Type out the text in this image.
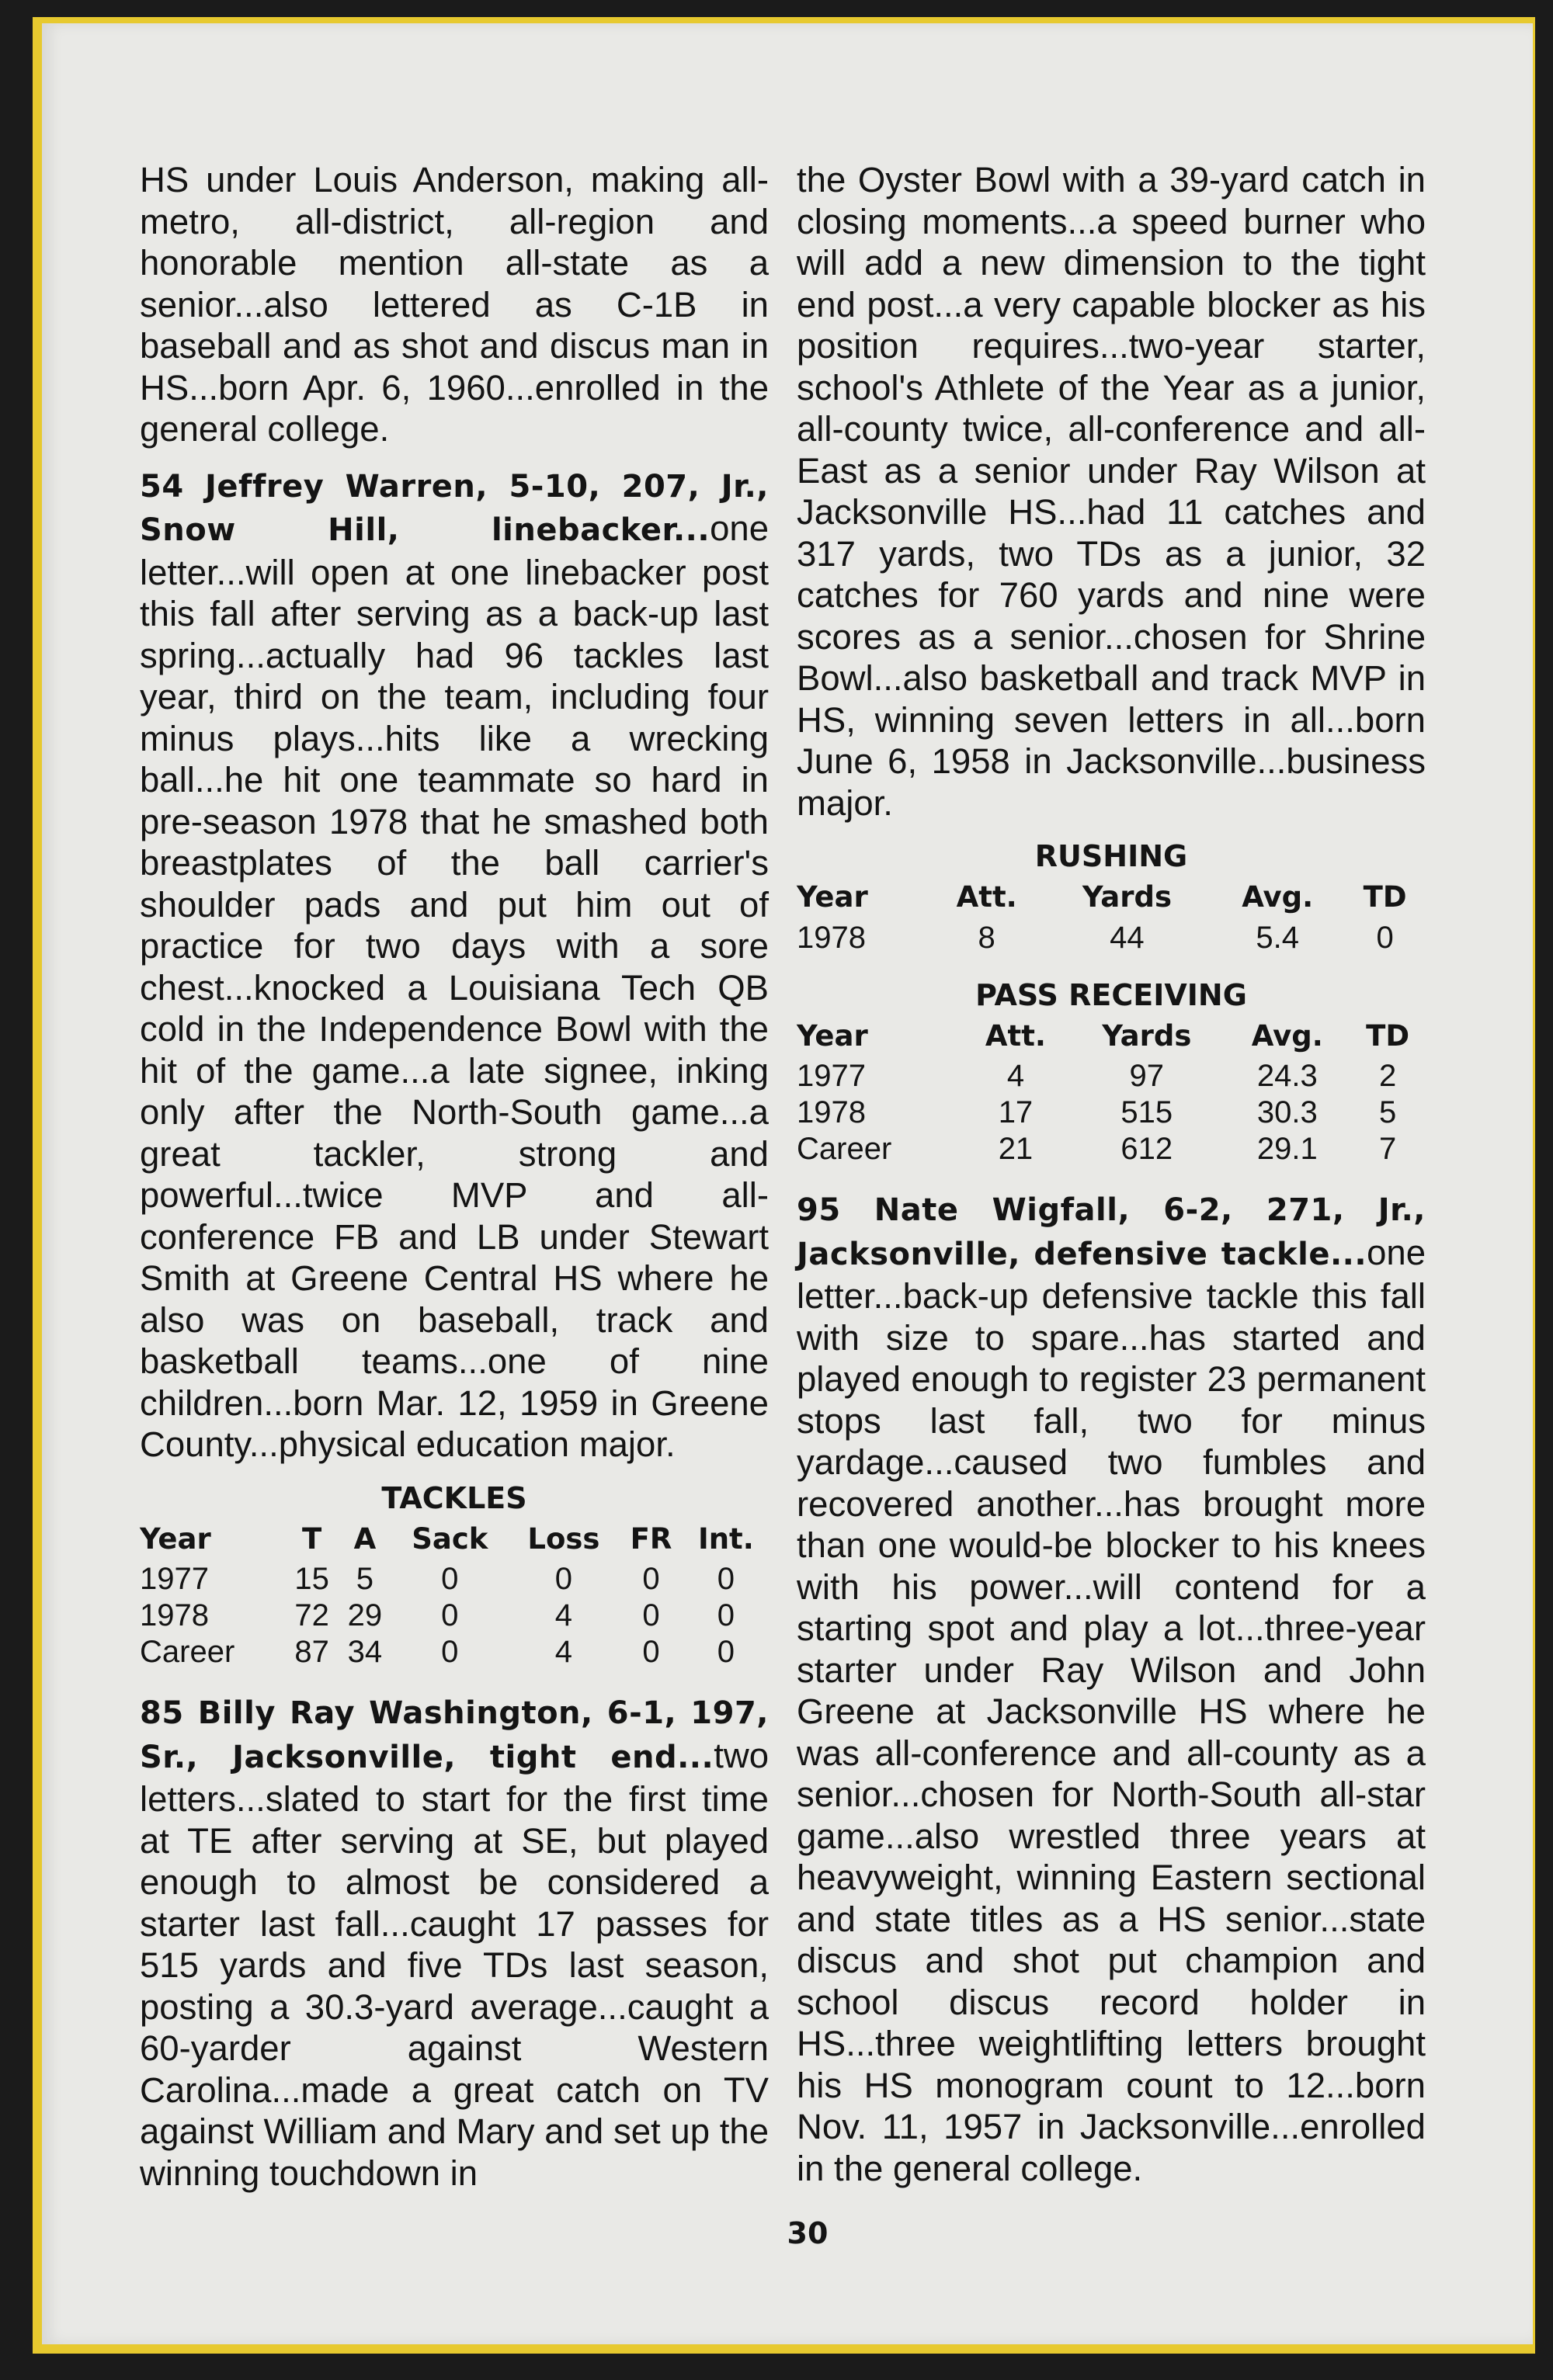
HS under Louis Anderson, making all-metro, all-district, all-region and honorable mention all-state as a senior...also lettered as C-1B in baseball and as shot and discus man in HS...born Apr. 6, 1960...enrolled in the general college.

54 Jeffrey Warren, 5-10, 207, Jr., Snow Hill, linebacker...one letter...will open at one linebacker post this fall after serving as a back-up last spring...actually had 96 tackles last year, third on the team, including four minus plays...hits like a wrecking ball...he hit one teammate so hard in pre-season 1978 that he smashed both breastplates of the ball carrier's shoulder pads and put him out of practice for two days with a sore chest...knocked a Louisiana Tech QB cold in the Independence Bowl with the hit of the game...a late signee, inking only after the North-South game...a great tackler, strong and powerful...twice MVP and all-conference FB and LB under Stewart Smith at Greene Central HS where he also was on baseball, track and basketball teams...one of nine children...born Mar. 12, 1959 in Greene County...physical education major.

TACKLES
Year	T	A	Sack	Loss	FR	Int.
1977	15	5	0	0	0	0
1978	72	29	0	4	0	0
Career	87	34	0	4	0	0

85 Billy Ray Washington, 6-1, 197, Sr., Jacksonville, tight end...two letters...slated to start for the first time at TE after serving at SE, but played enough to almost be considered a starter last fall...caught 17 passes for 515 yards and five TDs last season, posting a 30.3-yard average...caught a 60-yarder against Western Carolina...made a great catch on TV against William and Mary and set up the winning touchdown in

the Oyster Bowl with a 39-yard catch in closing moments...a speed burner who will add a new dimension to the tight end post...a very capable blocker as his position requires...two-year starter, school's Athlete of the Year as a junior, all-county twice, all-conference and all-East as a senior under Ray Wilson at Jacksonville HS...had 11 catches and 317 yards, two TDs as a junior, 32 catches for 760 yards and nine were scores as a senior...chosen for Shrine Bowl...also basketball and track MVP in HS, winning seven letters in all...born June 6, 1958 in Jacksonville...business major.

RUSHING
Year	Att.	Yards	Avg.	TD
1978	8	44	5.4	0
PASS RECEIVING
Year	Att.	Yards	Avg.	TD
1977	4	97	24.3	2
1978	17	515	30.3	5
Career	21	612	29.1	7

95 Nate Wigfall, 6-2, 271, Jr., Jacksonville, defensive tackle...one letter...back-up defensive tackle this fall with size to spare...has started and played enough to register 23 permanent stops last fall, two for minus yardage...caused two fumbles and recovered another...has brought more than one would-be blocker to his knees with his power...will contend for a starting spot and play a lot...three-year starter under Ray Wilson and John Greene at Jacksonville HS where he was all-conference and all-county as a senior...chosen for North-South all-star game...also wrestled three years at heavyweight, winning Eastern sectional and state titles as a HS senior...state discus and shot put champion and school discus record holder in HS...three weightlifting letters brought his HS monogram count to 12...born Nov. 11, 1957 in Jacksonville...enrolled in the general college.

30
